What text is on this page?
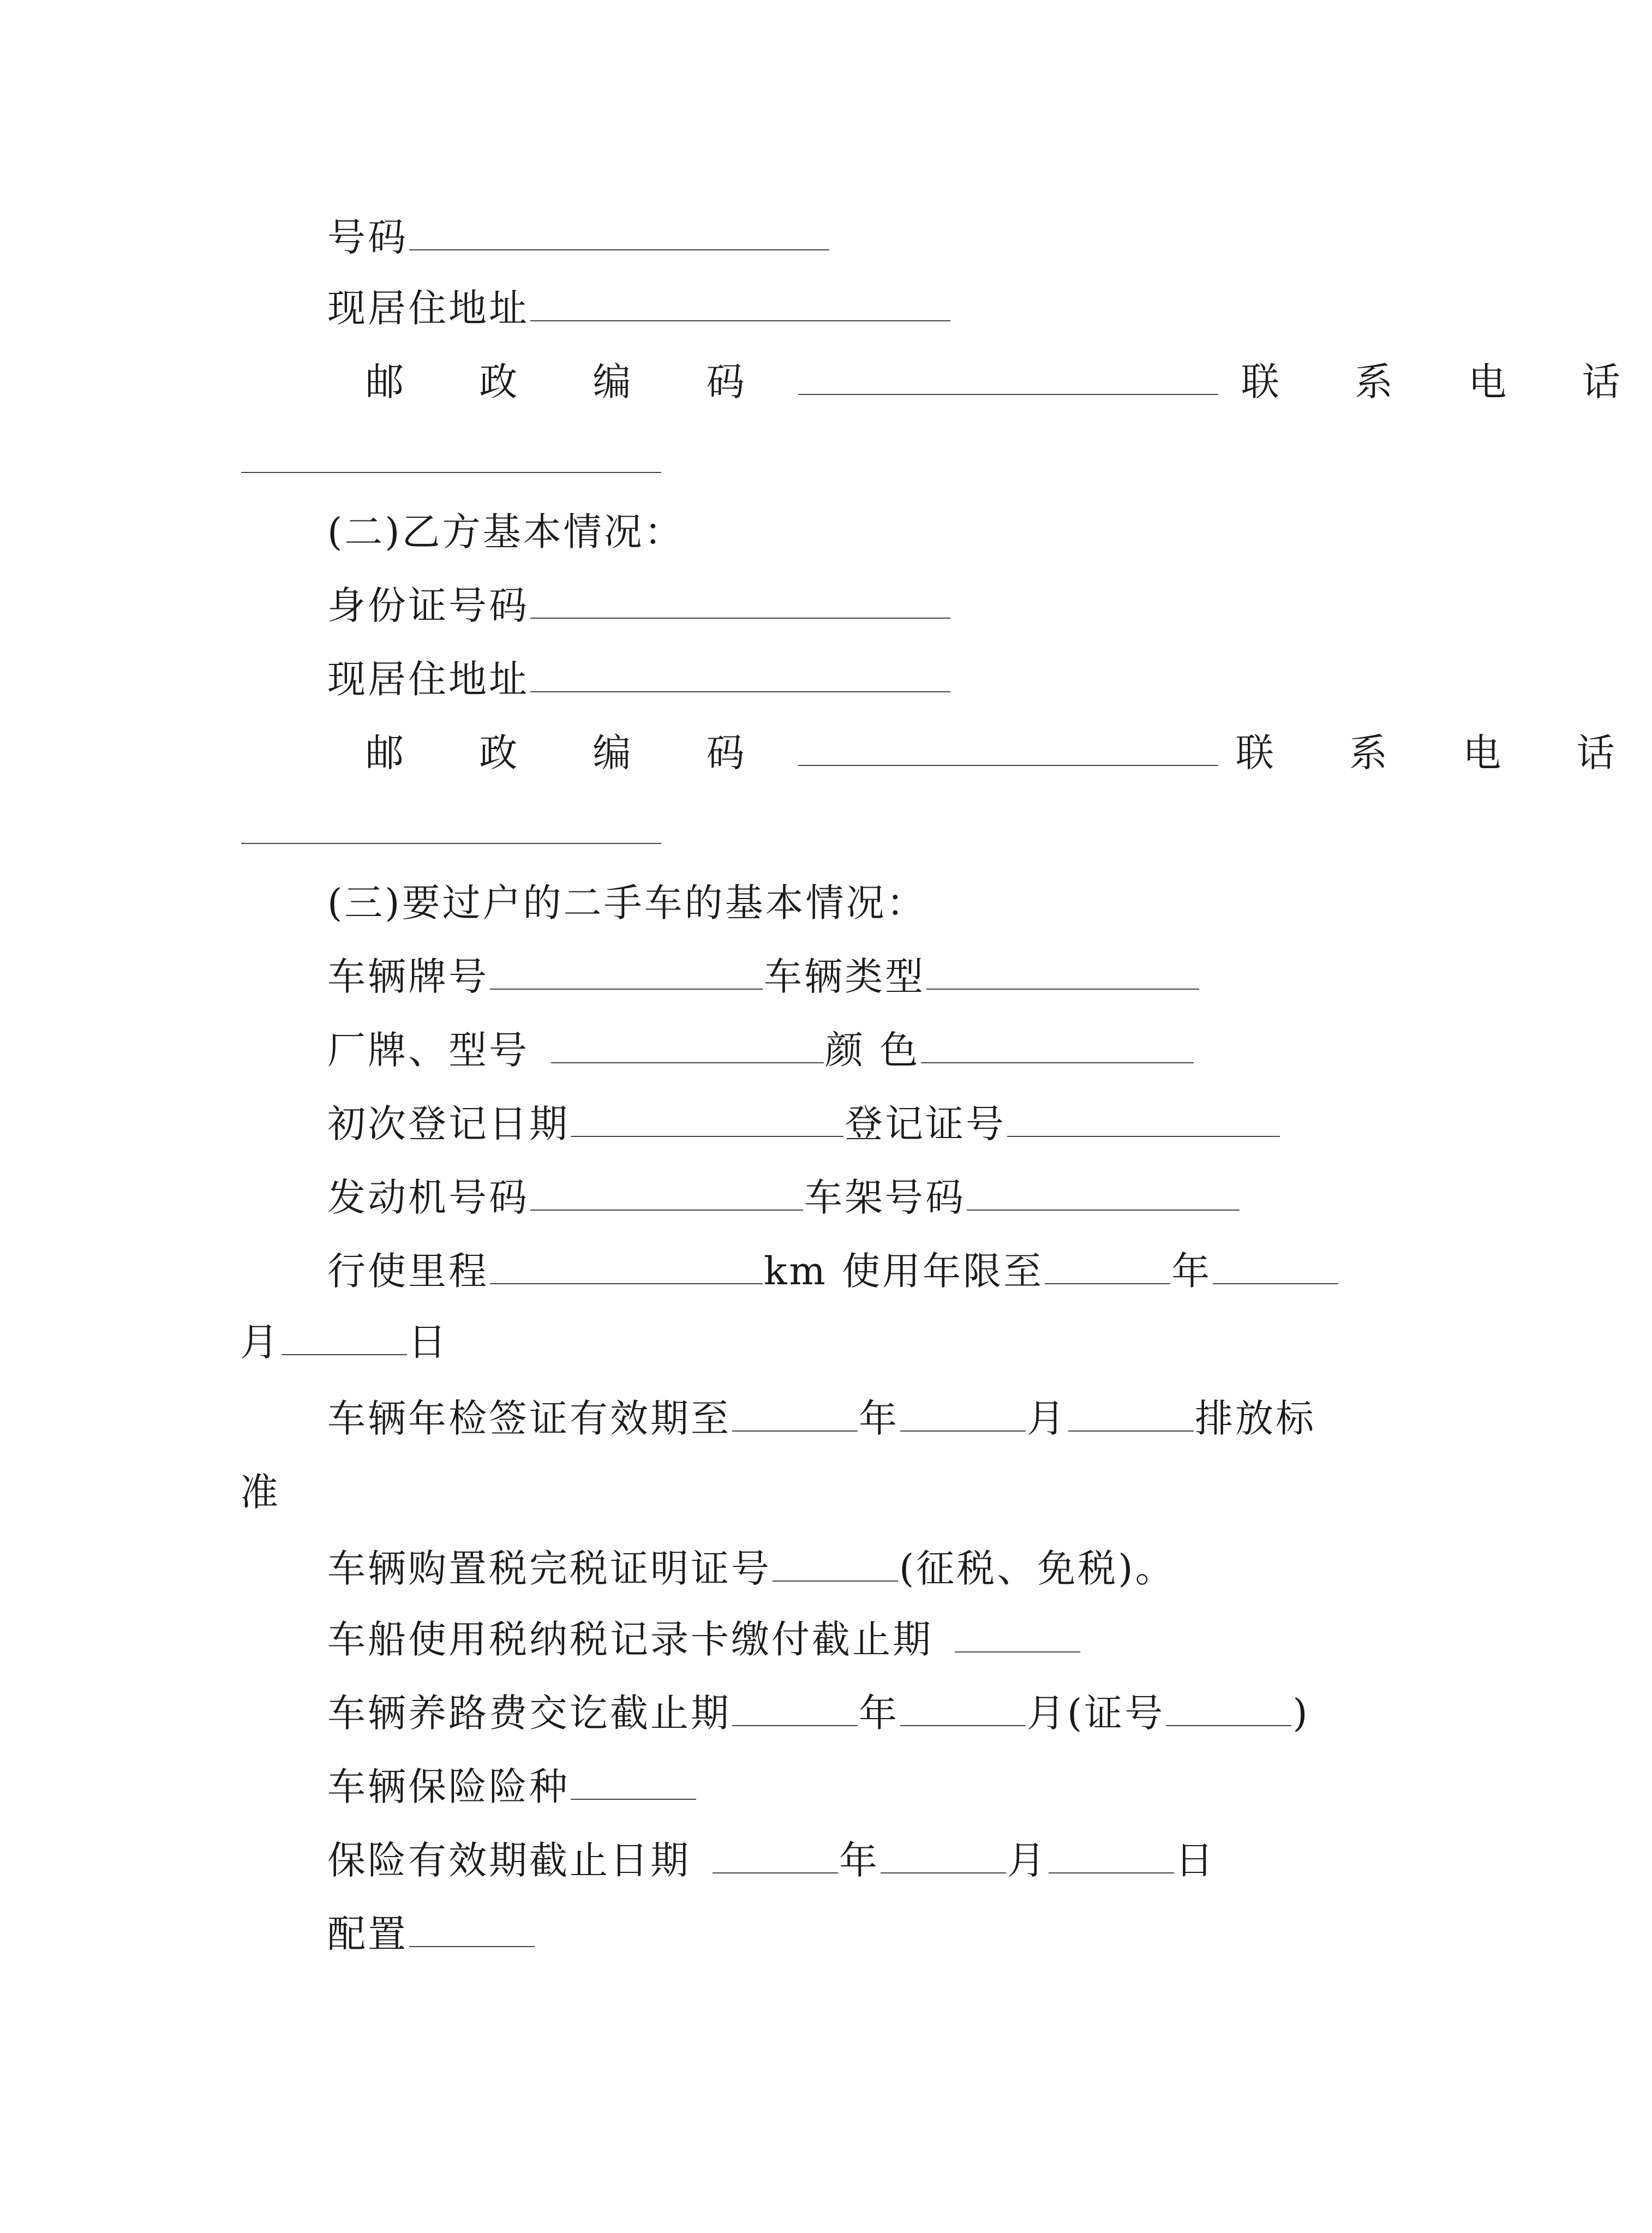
号码
现居住地址
邮 政 编 码	联 系 电 话
(二)乙方基本情况：
身份证号码
现居住地址
邮 政 编 码	联 系 电 话
(三)要过户的二手车的基本情况：
车辆牌号	车辆类型
厂牌、型号	颜 色
初次登记日期	登记证号
发动机号码	车架号码
行使里程	km 使用年限至	年
月	日
车辆年检签证有效期至	年	月	排放标
准
车辆购置税完税证明证号	(征税、免税)。
车船使用税纳税记录卡缴付截止期
车辆养路费交讫截止期	年	月(证号	)
车辆保险险种
保险有效期截止日期	年	月	日
配置
